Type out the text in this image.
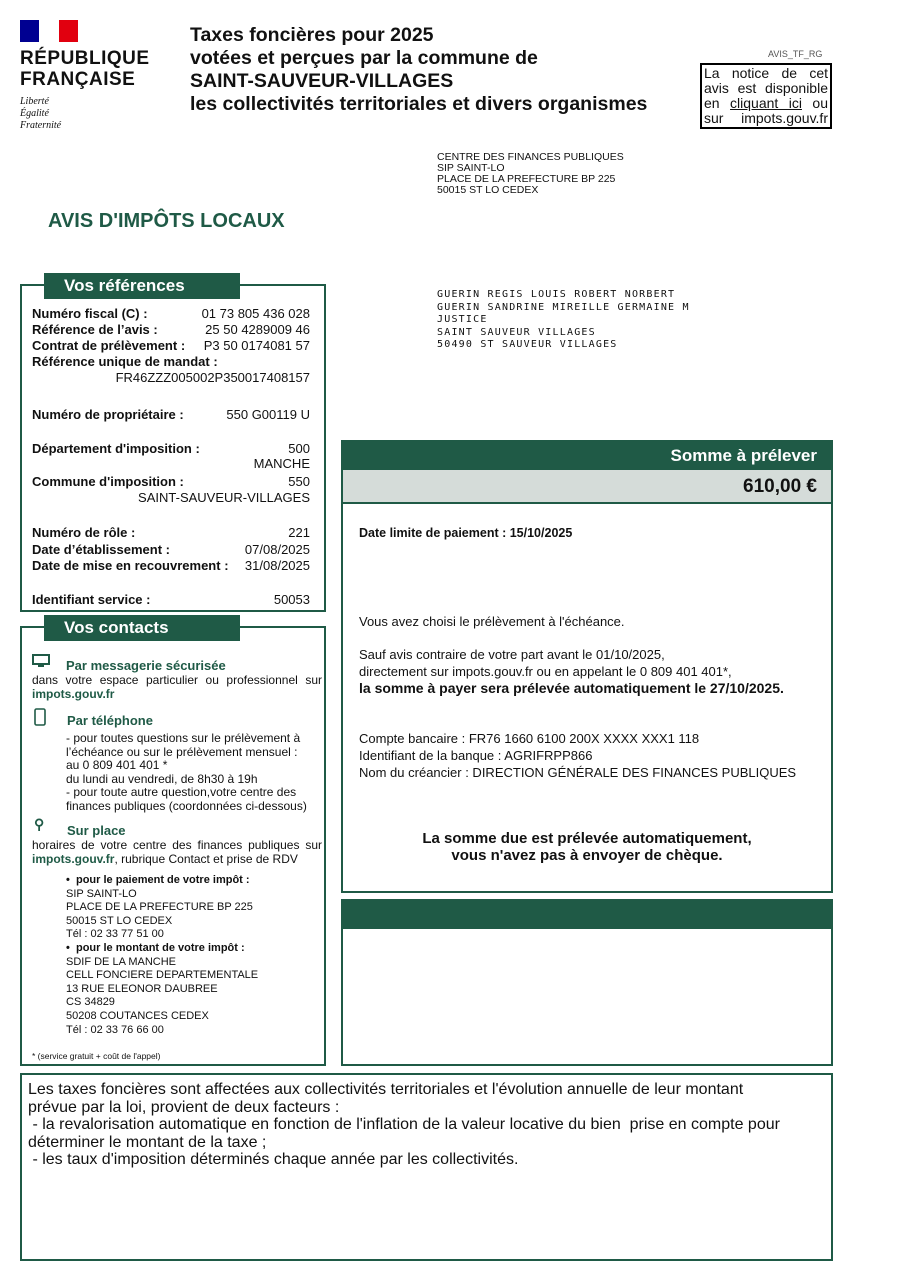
RÉPUBLIQUE
FRANÇAISE
Liberté
Égalité
Fraternité
Taxes foncières pour 2025
votées et perçues par la commune de
SAINT-SAUVEUR-VILLAGES
les collectivités territoriales et divers organismes
AVIS_TF_RG
La notice de cet avis est disponible en cliquant ici ou sur impots.gouv.fr
CENTRE DES FINANCES PUBLIQUES
SIP SAINT-LO
PLACE DE LA PREFECTURE BP 225
50015 ST LO CEDEX
AVIS D'IMPÔTS LOCAUX
GUERIN REGIS LOUIS ROBERT NORBERT
GUERIN SANDRINE MIREILLE GERMAINE M
JUSTICE
SAINT SAUVEUR VILLAGES
50490 ST SAUVEUR VILLAGES
Vos références
Numéro fiscal (C) :	01 73 805 436 028
Référence de l’avis :	25 50 4289009 46
Contrat de prélèvement : P3 50 0174081 57
Référence unique de mandat :
FR46ZZZ005002P350017408157
Numéro de propriétaire :	550 G00119 U
Département d'imposition :	500
MANCHE
Commune d'imposition :	550
SAINT-SAUVEUR-VILLAGES
Numéro de rôle :	221
Date d’établissement :	07/08/2025
Date de mise en recouvrement : 31/08/2025
Identifiant service :	50053
Vos contacts
Par messagerie sécurisée
dans votre espace particulier ou professionnel sur
impots.gouv.fr
Par téléphone
- pour toutes questions sur le prélèvement à
l’échéance ou sur le prélèvement mensuel :
au 0 809 401 401 *
du lundi au vendredi, de 8h30 à 19h
- pour toute autre question,votre centre des
finances publiques (coordonnées ci-dessous)
⚲ Sur place
horaires de votre centre des finances publiques sur
impots.gouv.fr, rubrique Contact et prise de RDV
•  pour le paiement de votre impôt :
SIP SAINT-LO
PLACE DE LA PREFECTURE BP 225
50015 ST LO CEDEX
Tél : 02 33 77 51 00
•  pour le montant de votre impôt :
SDIF DE LA MANCHE
CELL FONCIERE DEPARTEMENTALE
13 RUE ELEONOR DAUBREE
CS 34829
50208 COUTANCES CEDEX
Tél : 02 33 76 66 00
* (service gratuit + coût de l'appel)
Somme à prélever
610,00 €
Date limite de paiement : 15/10/2025
Vous avez choisi le prélèvement à l'échéance.
Sauf avis contraire de votre part avant le 01/10/2025,
directement sur impots.gouv.fr ou en appelant le 0 809 401 401*,
la somme à payer sera prélevée automatiquement le 27/10/2025.
Compte bancaire : FR76 1660 6100 200X XXXX XXX1 118
Identifiant de la banque : AGRIFRPP866
Nom du créancier : DIRECTION GÉNÉRALE DES FINANCES PUBLIQUES
La somme due est prélevée automatiquement,
vous n'avez pas à envoyer de chèque.
Les taxes foncières sont affectées aux collectivités territoriales et l'évolution annuelle de leur montant
prévue par la loi, provient de deux facteurs :
- la revalorisation automatique en fonction de l'inflation de la valeur locative du bien  prise en compte pour
déterminer le montant de la taxe ;
- les taux d'imposition déterminés chaque année par les collectivités.
